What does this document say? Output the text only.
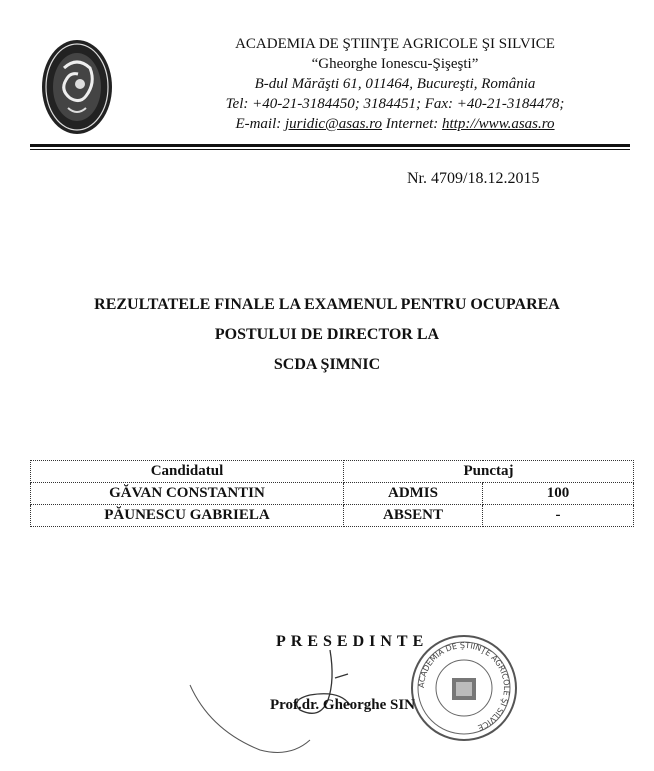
ACADEMIA DE ŞTIINŢE AGRICOLE ŞI SILVICE
“Gheorghe Ionescu-Şişeşti”
B-dul Mărăşti 61, 011464, Bucureşti, România
Tel: +40-21-3184450; 3184451; Fax: +40-21-3184478;
E-mail: juridic@asas.ro Internet: http://www.asas.ro
Nr. 4709/18.12.2015
REZULTATELE FINALE LA EXAMENUL PENTRU OCUPAREA
POSTULUI DE DIRECTOR LA
SCDA ŞIMNIC
Candidatul	Punctaj	
GĂVAN CONSTANTIN	ADMIS	100
PĂUNESCU GABRIELA	ABSENT	-
ACADEMIA DE ŞTIINŢE AGRICOLE ŞI SILVICE
PRESEDINTE
Prof.dr. Gheorghe SIN
